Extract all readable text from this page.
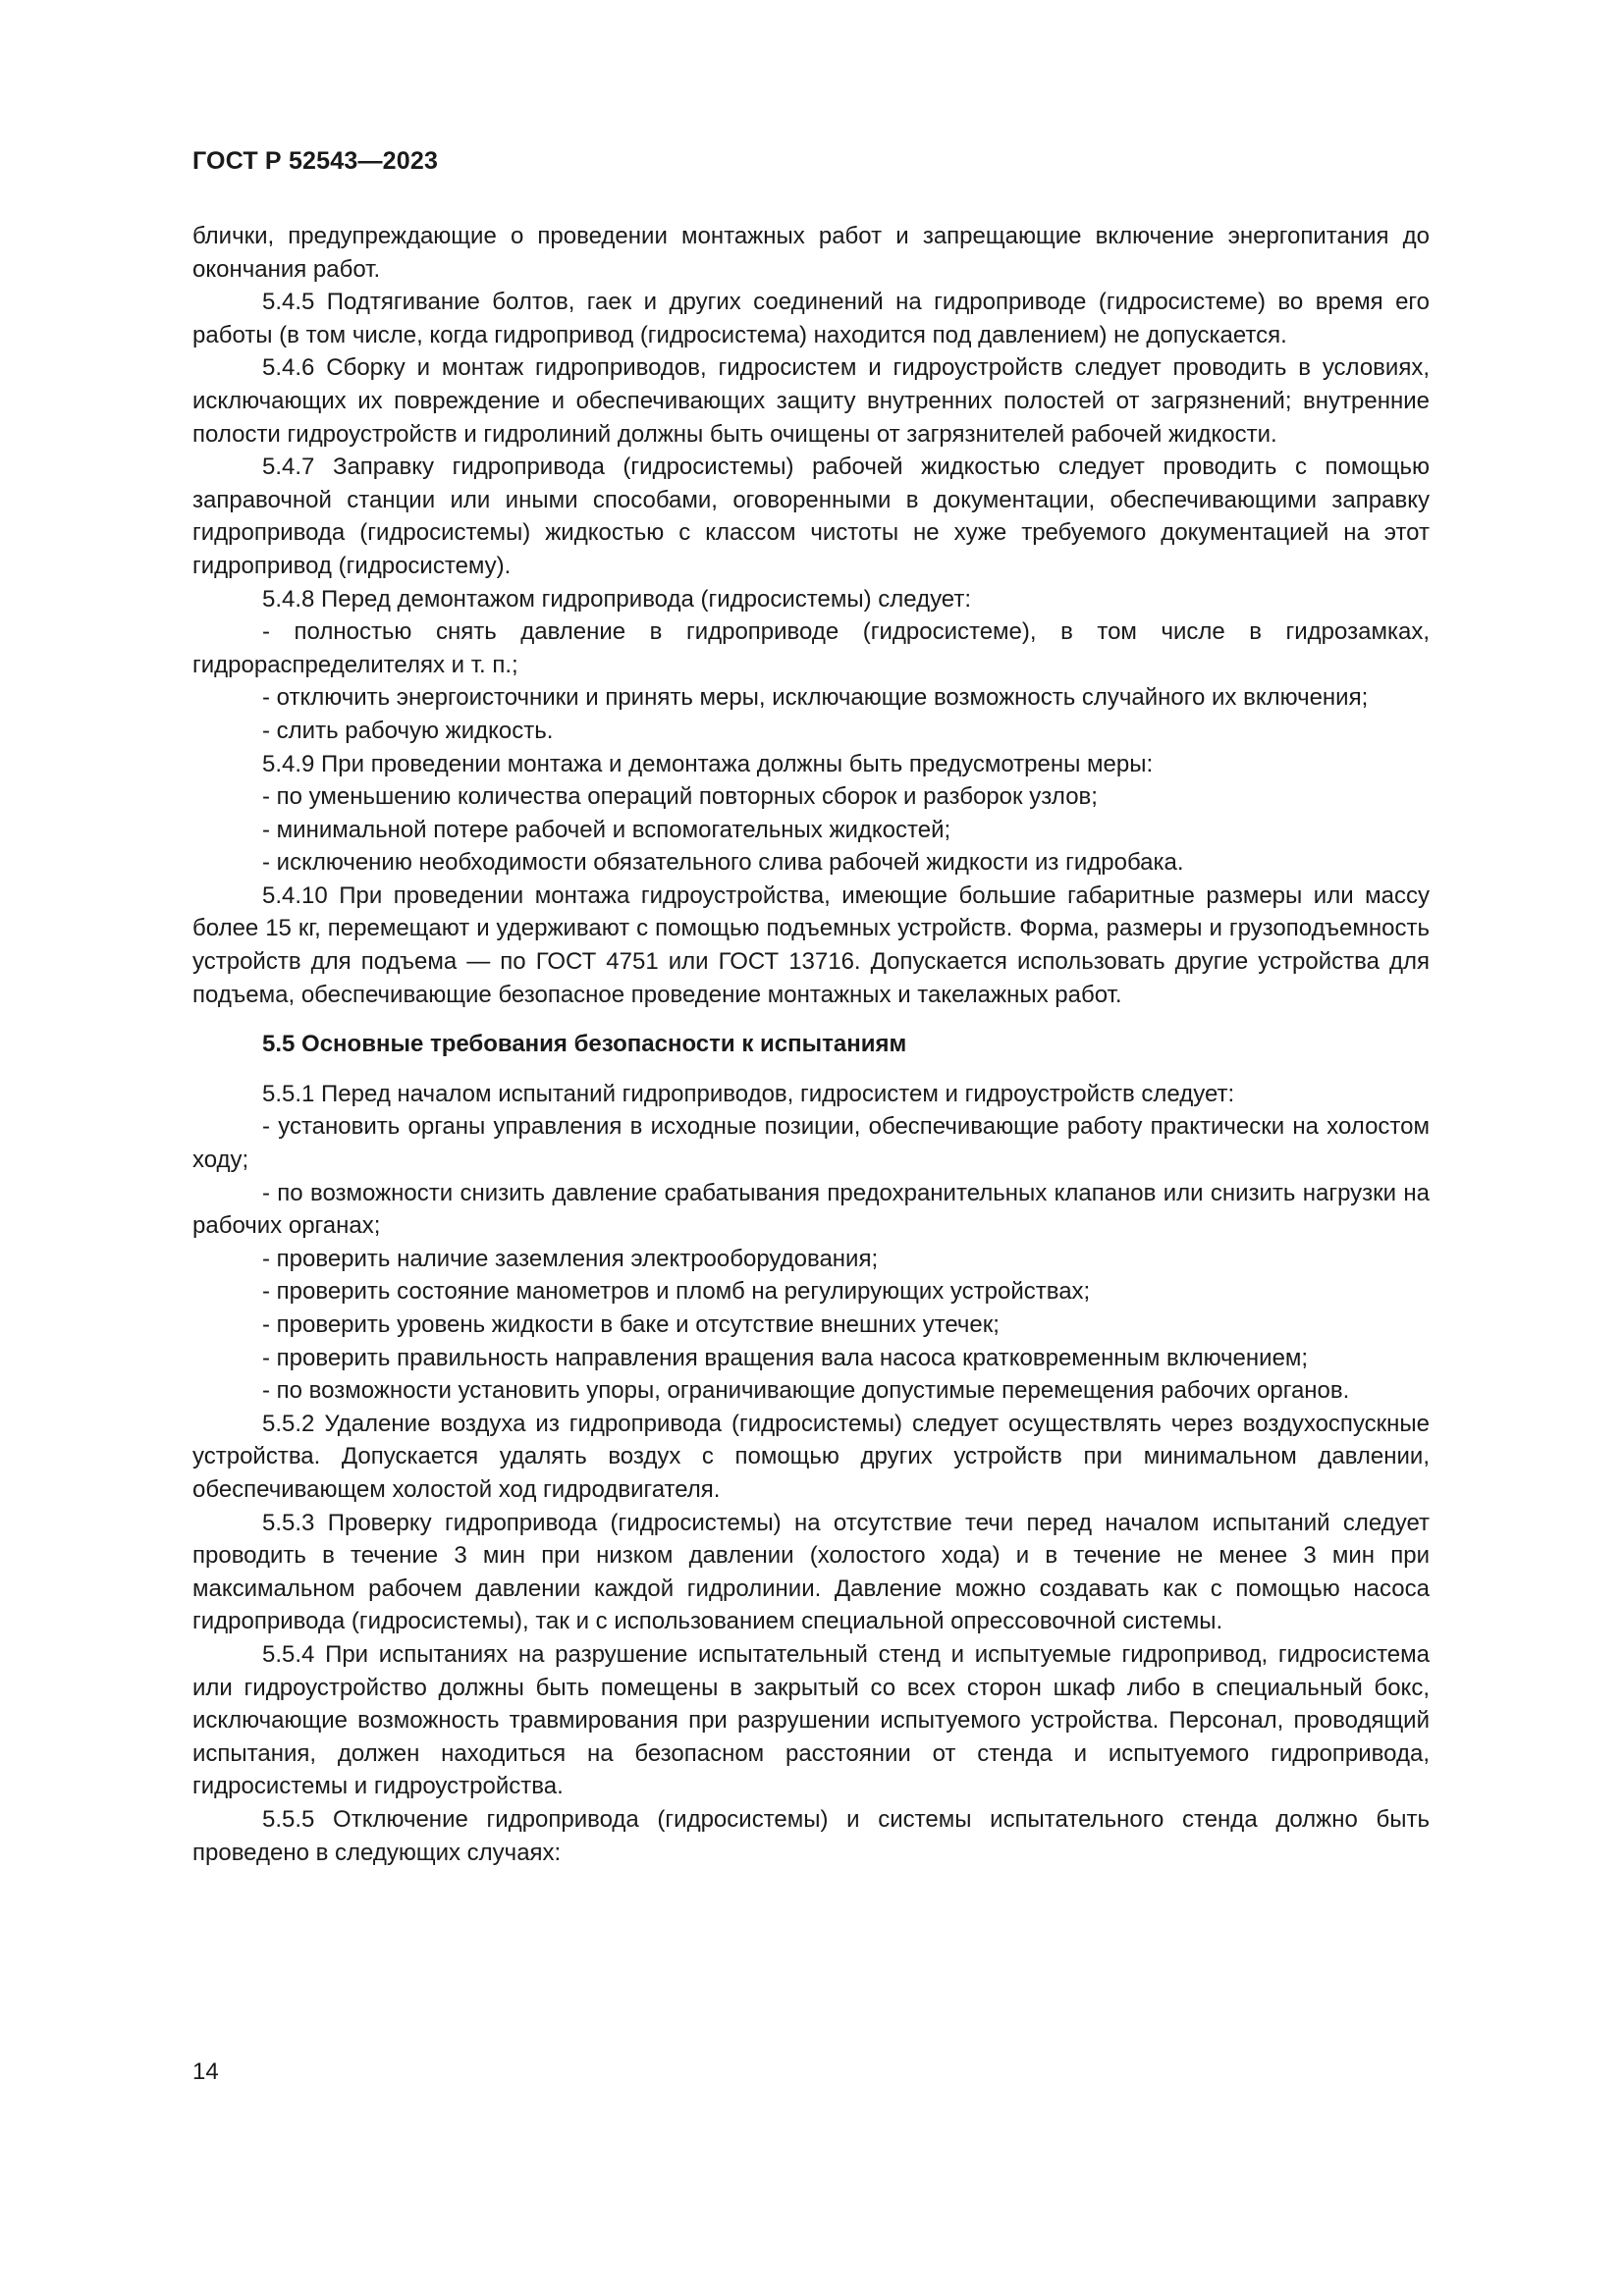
ГОСТ Р 52543—2023

блички, предупреждающие о проведении монтажных работ и запрещающие включение энергопитания до окончания работ.

5.4.5 Подтягивание болтов, гаек и других соединений на гидроприводе (гидросистеме) во время его работы (в том числе, когда гидропривод (гидросистема) находится под давлением) не допускается.

5.4.6 Сборку и монтаж гидроприводов, гидросистем и гидроустройств следует проводить в условиях, исключающих их повреждение и обеспечивающих защиту внутренних полостей от загрязнений; внутренние полости гидроустройств и гидролиний должны быть очищены от загрязнителей рабочей жидкости.

5.4.7 Заправку гидропривода (гидросистемы) рабочей жидкостью следует проводить с помощью заправочной станции или иными способами, оговоренными в документации, обеспечивающими заправку гидропривода (гидросистемы) жидкостью с классом чистоты не хуже требуемого документацией на этот гидропривод (гидросистему).

5.4.8 Перед демонтажом гидропривода (гидросистемы) следует:

- полностью снять давление в гидроприводе (гидросистеме), в том числе в гидрозамках, гидрораспределителях и т. п.;

- отключить энергоисточники и принять меры, исключающие возможность случайного их включения;

- слить рабочую жидкость.

5.4.9 При проведении монтажа и демонтажа должны быть предусмотрены меры:

- по уменьшению количества операций повторных сборок и разборок узлов;

- минимальной потере рабочей и вспомогательных жидкостей;

- исключению необходимости обязательного слива рабочей жидкости из гидробака.

5.4.10 При проведении монтажа гидроустройства, имеющие большие габаритные размеры или массу более 15 кг, перемещают и удерживают с помощью подъемных устройств. Форма, размеры и грузоподъемность устройств для подъема — по ГОСТ 4751 или ГОСТ 13716. Допускается использовать другие устройства для подъема, обеспечивающие безопасное проведение монтажных и такелажных работ.

5.5 Основные требования безопасности к испытаниям

5.5.1 Перед началом испытаний гидроприводов, гидросистем и гидроустройств следует:

- установить органы управления в исходные позиции, обеспечивающие работу практически на холостом ходу;

- по возможности снизить давление срабатывания предохранительных клапанов или снизить нагрузки на рабочих органах;

- проверить наличие заземления электрооборудования;

- проверить состояние манометров и пломб на регулирующих устройствах;

- проверить уровень жидкости в баке и отсутствие внешних утечек;

- проверить правильность направления вращения вала насоса кратковременным включением;

- по возможности установить упоры, ограничивающие допустимые перемещения рабочих органов.

5.5.2 Удаление воздуха из гидропривода (гидросистемы) следует осуществлять через воздухоспускные устройства. Допускается удалять воздух с помощью других устройств при минимальном давлении, обеспечивающем холостой ход гидродвигателя.

5.5.3 Проверку гидропривода (гидросистемы) на отсутствие течи перед началом испытаний следует проводить в течение 3 мин при низком давлении (холостого хода) и в течение не менее 3 мин при максимальном рабочем давлении каждой гидролинии. Давление можно создавать как с помощью насоса гидропривода (гидросистемы), так и с использованием специальной опрессовочной системы.

5.5.4 При испытаниях на разрушение испытательный стенд и испытуемые гидропривод, гидросистема или гидроустройство должны быть помещены в закрытый со всех сторон шкаф либо в специальный бокс, исключающие возможность травмирования при разрушении испытуемого устройства. Персонал, проводящий испытания, должен находиться на безопасном расстоянии от стенда и испытуемого гидропривода, гидросистемы и гидроустройства.

5.5.5 Отключение гидропривода (гидросистемы) и системы испытательного стенда должно быть проведено в следующих случаях:

14
